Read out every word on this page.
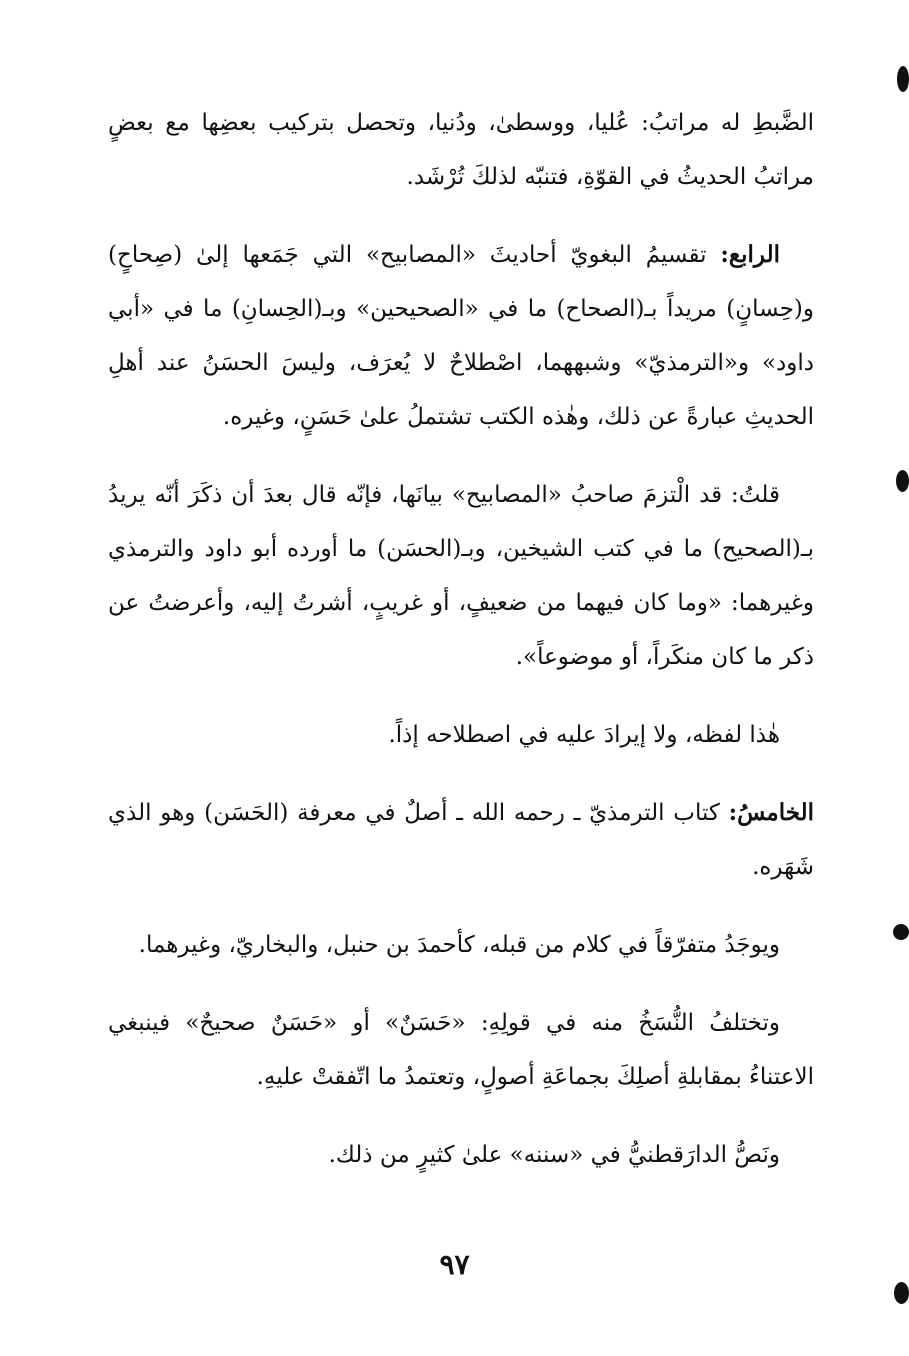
الضَّبطِ له مراتبُ: عُليا، ووسطىٰ، ودُنيا، وتحصل بتركيب بعضِها مع بعضٍ مراتبُ الحديثُ في القوّةِ، فتنبّه لذلكَ تُرْشَد.

الرابع: تقسيمُ البغويّ أحاديثَ «المصابيح» التي جَمَعها إلىٰ (صِحاحٍ) و(حِسانٍ) مريداً بـ(الصحاح) ما في «الصحيحين» وبـ(الحِسانِ) ما في «أبي داود» و«الترمذيّ» وشبههما، اصْطلاحٌ لا يُعرَف، وليسَ الحسَنُ عند أهلِ الحديثِ عبارةً عن ذلك، وهٰذه الكتب تشتملُ علىٰ حَسَنٍ، وغيره.

قلتُ: قد الْتزمَ صاحبُ «المصابيح» بيانَها، فإنّه قال بعدَ أن ذكَرَ أنّه يريدُ بـ(الصحيح) ما في كتب الشيخين، وبـ(الحسَن) ما أورده أبو داود والترمذي وغيرهما: «وما كان فيهما من ضعيفٍ، أو غريبٍ، أشرتُ إليه، وأعرضتُ عن ذكر ما كان منكَراً، أو موضوعاً».

هٰذا لفظه، ولا إيرادَ عليه في اصطلاحه إذاً.

الخامسُ: كتاب الترمذيّ ـ رحمه الله ـ أصلٌ في معرفة (الحَسَن) وهو الذي شَهَره.

ويوجَدُ متفرّقاً في كلام من قبله، كأحمدَ بن حنبل، والبخاريّ، وغيرهما.

وتختلفُ النُّسَخُ منه في قولِهِ: «حَسَنٌ» أو «حَسَنٌ صحيحٌ» فينبغي الاعتناءُ بمقابلةِ أصلِكَ بجماعَةِ أصولٍ، وتعتمدُ ما اتّفقتْ عليهِ.

ونَصُّ الدارَقطنيُّ في «سننه» علىٰ كثيرٍ من ذلك.

٩٧
